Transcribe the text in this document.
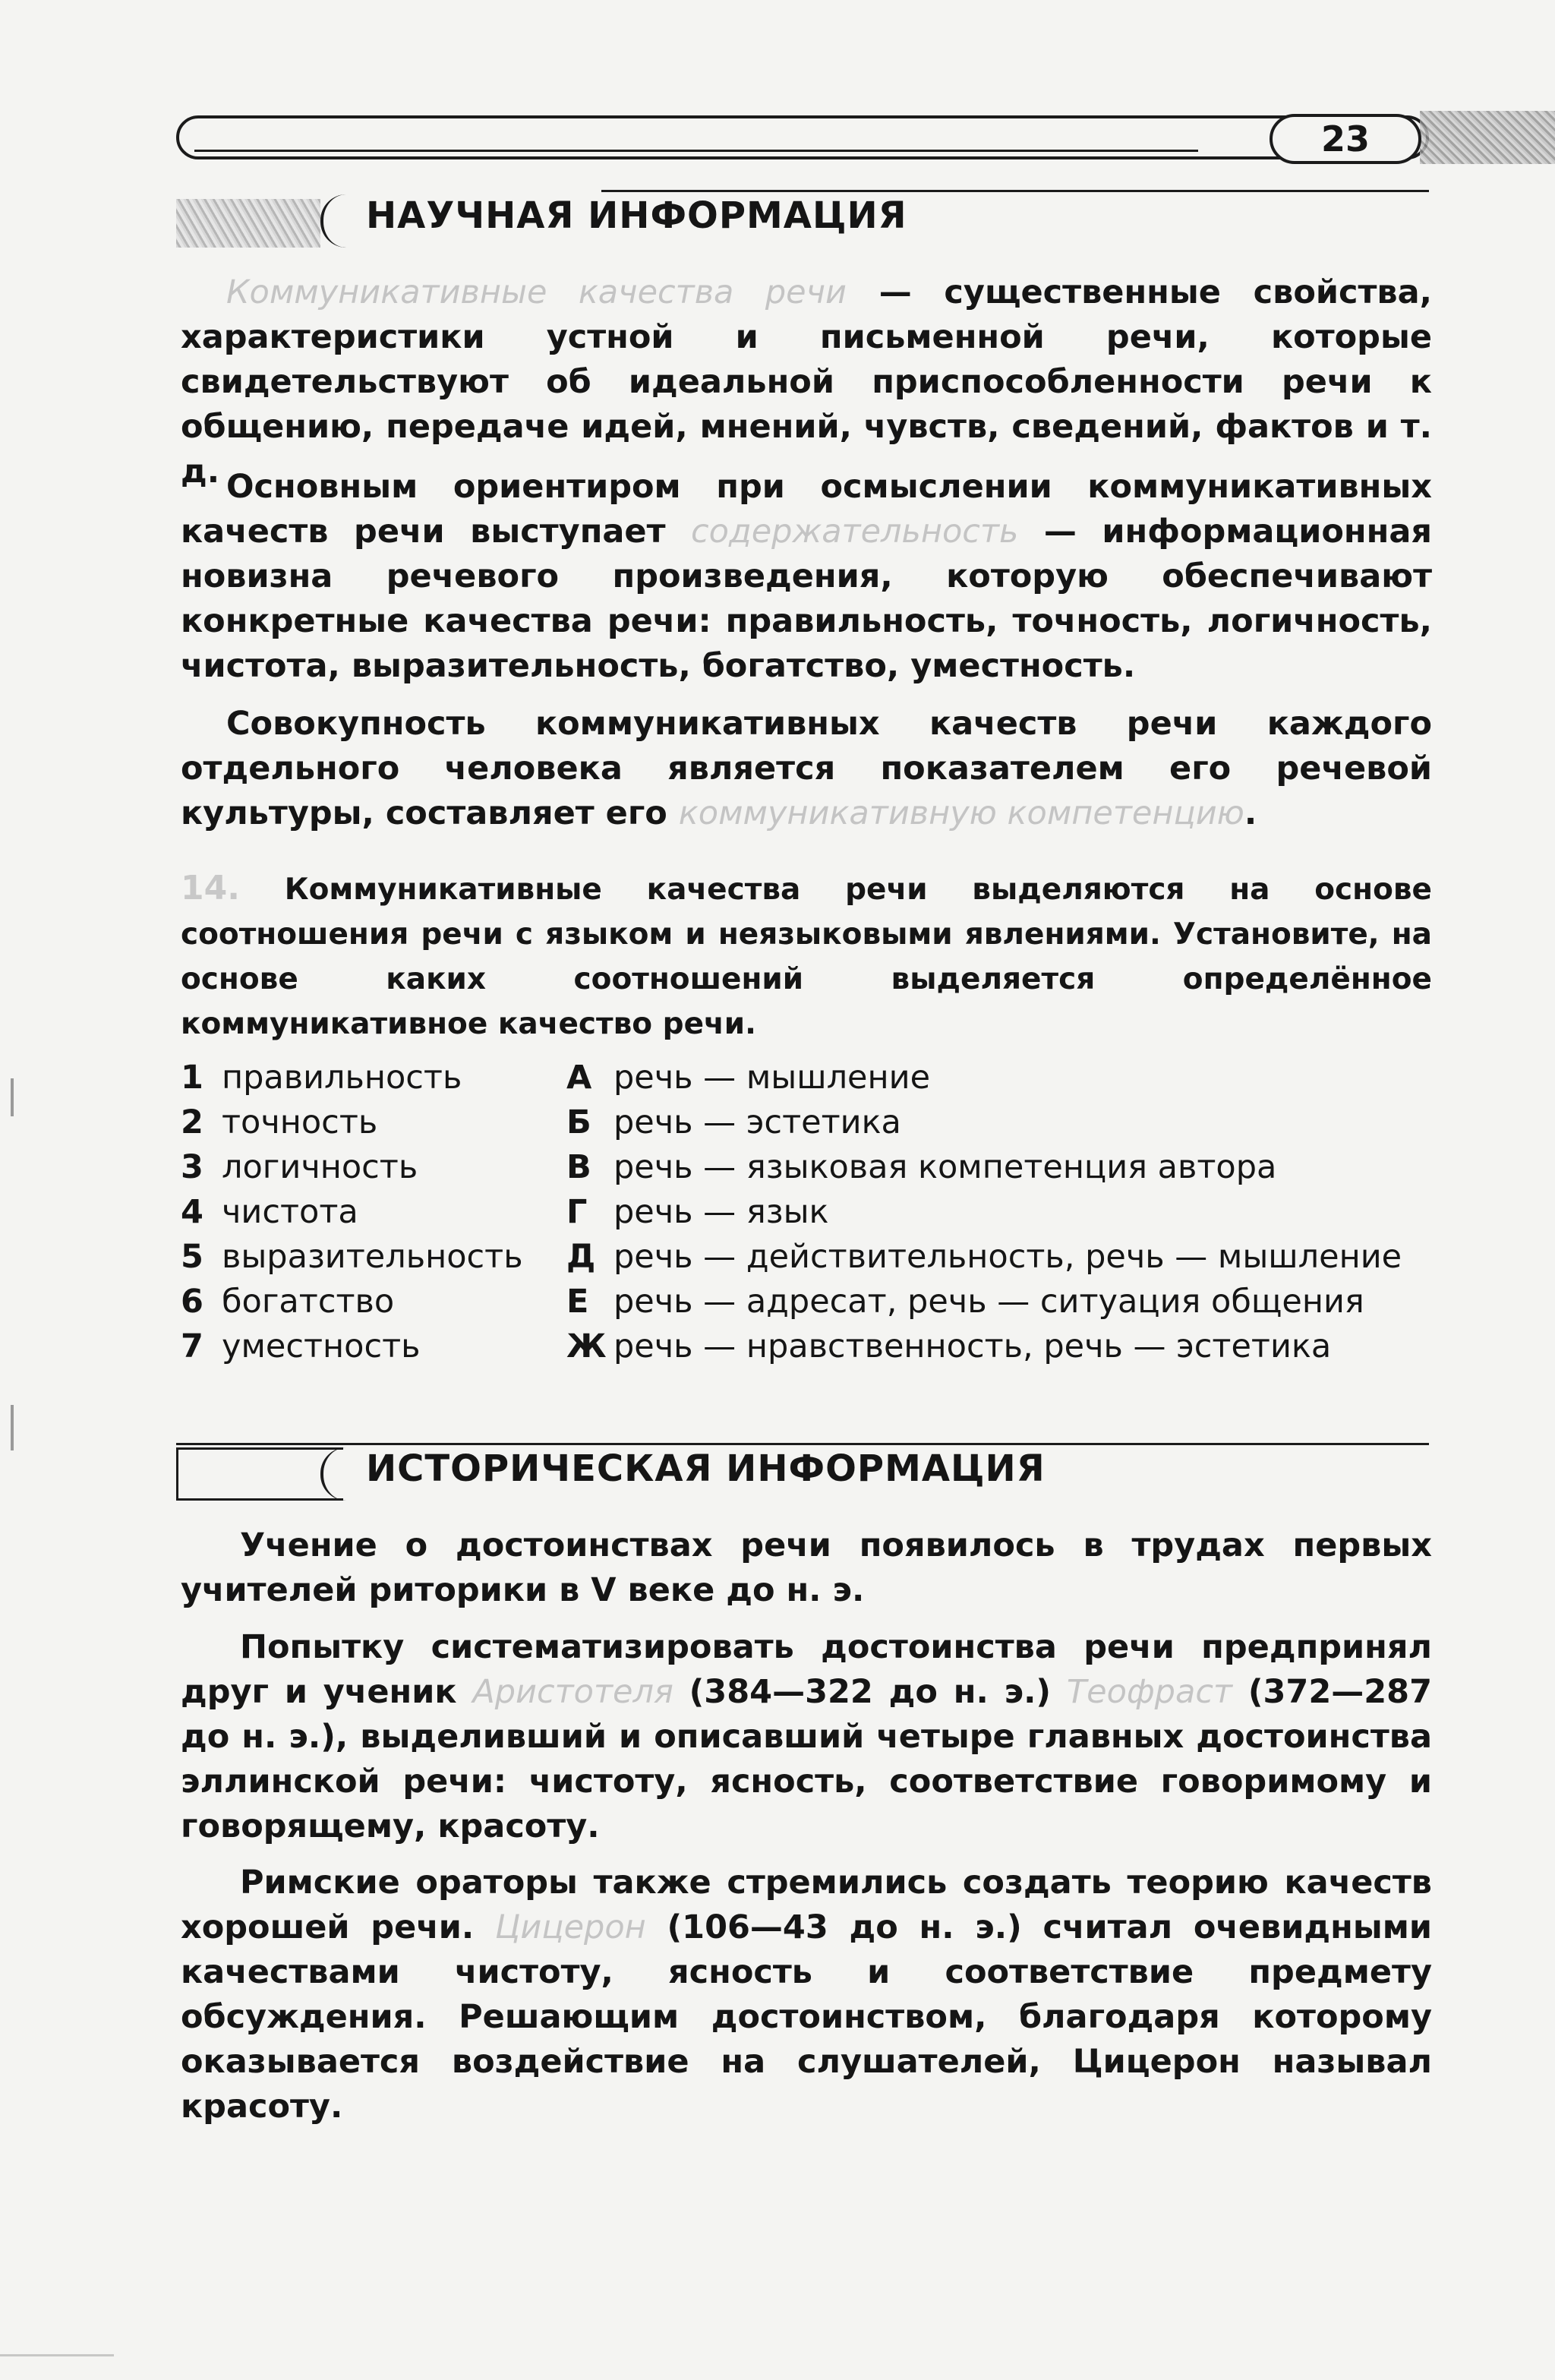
23
НАУЧНАЯ ИНФОРМАЦИЯ

Коммуникативные качества речи — существенные свойства, характеристики устной и письменной речи, которые свидетельствуют об идеальной приспособленности речи к общению, передаче идей, мнений, чувств, сведений, фактов и т. д. Основным ориентиром при осмыслении коммуникативных качеств речи выступает содержательность — информационная новизна речевого произведения, которую обеспечивают конкретные качества речи: правильность, точность, логичность, чистота, выразительность, богатство, уместность.

Совокупность коммуникативных качеств речи каждого отдельного человека является показателем его речевой культуры, составляет его коммуникативную компетенцию.

14. Коммуникативные качества речи выделяются на основе соотношения речи с языком и неязыковыми явлениями. Установите, на основе каких соотношений выделяется определённое коммуникативное качество речи.

1 правильность	А речь — мышление
2 точность	Б речь — эстетика
3 логичность	В речь — языковая компетенция автора
4 чистота	Г речь — язык
5 выразительность Д речь — действительность, речь — мышление
6 богатство	Е речь — адресат, речь — ситуация общения
7 уместность	Ж речь — нравственность, речь — эстетика
ИСТОРИЧЕСКАЯ ИНФОРМАЦИЯ

Учение о достоинствах речи появилось в трудах первых учителей риторики в V веке до н. э.

Попытку систематизировать достоинства речи предпринял друг и ученик Аристотеля (384—322 до н. э.) Теофраст (372—287 до н. э.), выделивший и описавший четыре главных достоинства эллинской речи: чистоту, ясность, соответствие говоримому и говорящему, красоту.

Римские ораторы также стремились создать теорию качеств хорошей речи. Цицерон (106—43 до н. э.) считал очевидными качествами чистоту, ясность и соответствие предмету обсуждения. Решающим достоинством, благодаря которому оказывается воздействие на слушателей, Цицерон называл красоту.
